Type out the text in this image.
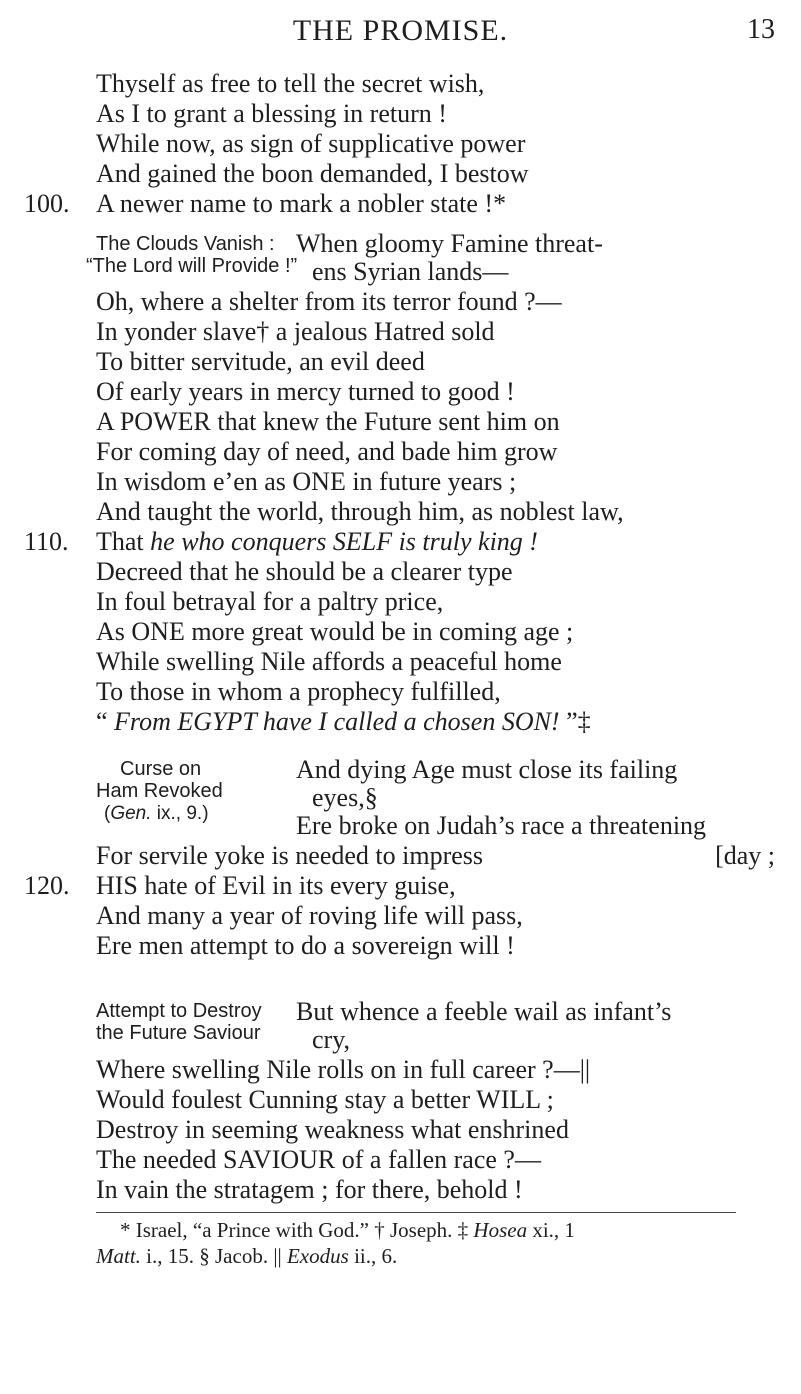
THE PROMISE.	13
Thyself as free to tell the secret wish,
As I to grant a blessing in return !
While now, as sign of supplicative power
And gained the boon demanded, I bestow
100. A newer name to mark a nobler state !*
The Clouds Vanish :
“The Lord will Provide !”
When gloomy Famine threat-
ens Syrian lands—
Oh, where a shelter from its terror found ?—
In yonder slave† a jealous Hatred sold
To bitter servitude, an evil deed
Of early years in mercy turned to good !
A POWER that knew the Future sent him on
For coming day of need, and bade him grow
In wisdom e’en as ONE in future years ;
And taught the world, through him, as noblest law,
110. That he who conquers SELF is truly king !
Decreed that he should be a clearer type
In foul betrayal for a paltry price,
As ONE more great would be in coming age ;
While swelling Nile affords a peaceful home
To those in whom a prophecy fulfilled,
“ From EGYPT have I called a chosen SON! ”‡
Curse on
Ham Revoked
(Gen. ix., 9.)
And dying Age must close its failing
eyes,§
Ere broke on Judah’s race a threatening
For servile yoke is needed to impress	[day ;
120. HIS hate of Evil in its every guise,
And many a year of roving life will pass,
Ere men attempt to do a sovereign will !
Attempt to Destroy
the Future Saviour
But whence a feeble wail as infant’s
cry,
Where swelling Nile rolls on in full career ?—||
Would foulest Cunning stay a better WILL ;
Destroy in seeming weakness what enshrined
The needed SAVIOUR of a fallen race ?—
In vain the stratagem ; for there, behold !
* Israel, “a Prince with God.” † Joseph. ‡ Hosea xi., 1
Matt. i., 15. § Jacob. || Exodus ii., 6.
